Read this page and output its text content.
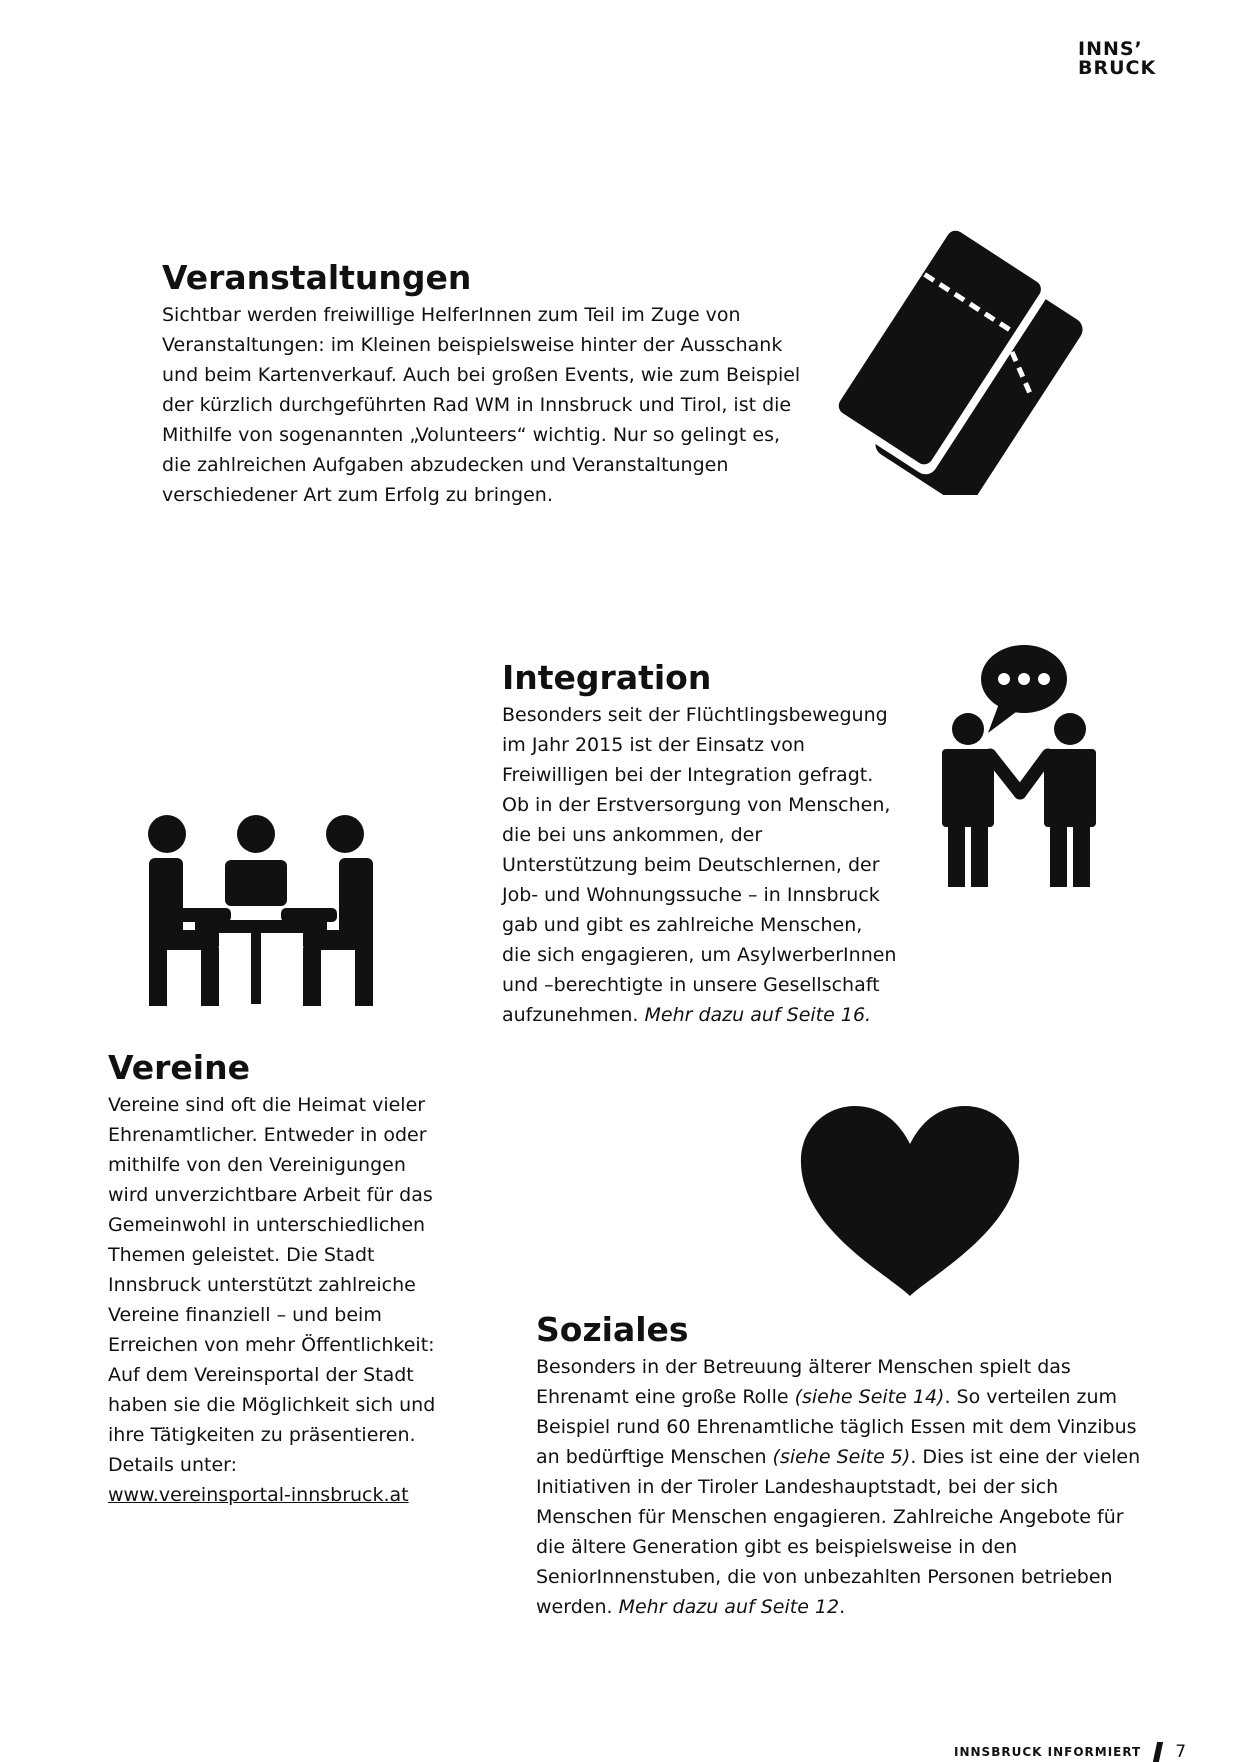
INNS’
BRUCK
Veranstaltungen

Sichtbar werden freiwillige HelferInnen zum Teil im Zuge von Veranstaltungen: im Kleinen beispielsweise hinter der Ausschank und beim Kartenverkauf. Auch bei großen Events, wie zum Beispiel der kürzlich durchgeführten Rad WM in Innsbruck und Tirol, ist die Mithilfe von sogenannten „Volunteers“ wichtig. Nur so gelingt es, die zahlreichen Aufgaben abzudecken und Veranstaltungen verschiedener Art zum Erfolg zu bringen.

Integration

Besonders seit der Flüchtlingsbewegung im Jahr 2015 ist der Einsatz von Freiwilligen bei der Integration gefragt. Ob in der Erstversorgung von Menschen, die bei uns ankommen, der Unterstützung beim Deutschlernen, der Job- und Wohnungssuche – in Innsbruck gab und gibt es zahlreiche Menschen, die sich engagieren, um AsylwerberInnen und –berechtigte in unsere Gesellschaft aufzunehmen. Mehr dazu auf Seite 16.

Vereine

Vereine sind oft die Heimat vieler Ehrenamtlicher. Entweder in oder mithilfe von den Vereinigungen wird unverzichtbare Arbeit für das Gemeinwohl in unterschiedlichen Themen geleistet. Die Stadt Innsbruck unterstützt zahlreiche Vereine finanziell – und beim Erreichen von mehr Öffentlichkeit: Auf dem Vereinsportal der Stadt haben sie die Möglichkeit sich und ihre Tätigkeiten zu präsentieren. Details unter:
www.vereinsportal-innsbruck.at

Soziales

Besonders in der Betreuung älterer Menschen spielt das Ehrenamt eine große Rolle (siehe Seite 14). So verteilen zum Beispiel rund 60 Ehrenamtliche täglich Essen mit dem Vinzibus an bedürftige Menschen (siehe Seite 5). Dies ist eine der vielen Initiativen in der Tiroler Landeshauptstadt, bei der sich Menschen für Menschen engagieren. Zahlreiche Angebote für die ältere Generation gibt es beispielsweise in den SeniorInnenstuben, die von unbezahlten Personen betrieben werden. Mehr dazu auf Seite 12.

INNSBRUCK INFORMIERT 7
